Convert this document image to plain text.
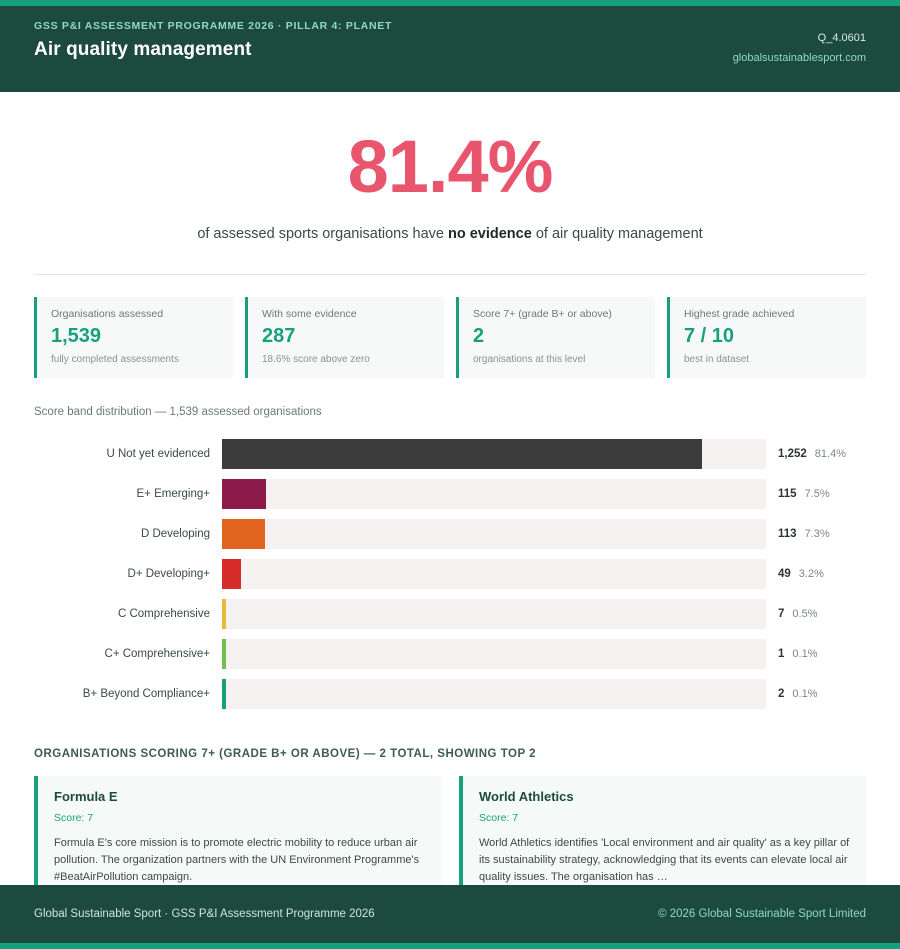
GSS P&I ASSESSMENT PROGRAMME 2026 · PILLAR 4: PLANET
Air quality management
Q_4.0601
globalsustainablesport.com
81.4%
of assessed sports organisations have no evidence of air quality management
Organisations assessed
1,539
fully completed assessments
With some evidence
287
18.6% score above zero
Score 7+ (grade B+ or above)
2
organisations at this level
Highest grade achieved
7 / 10
best in dataset
Score band distribution — 1,539 assessed organisations
U Not yet evidenced	1,252 81.4%
E+ Emerging+	115 7.5%
D Developing	113 7.3%
D+ Developing+	49 3.2%
C Comprehensive	7 0.5%
C+ Comprehensive+	1 0.1%
B+ Beyond Compliance+	2 0.1%
ORGANISATIONS SCORING 7+ (GRADE B+ OR ABOVE) — 2 TOTAL, SHOWING TOP 2
Formula E
Score: 7
Formula E's core mission is to promote electric mobility to reduce urban air pollution. The organization partners with the UN Environment Programme's #BeatAirPollution campaign.
World Athletics
Score: 7
World Athletics identifies 'Local environment and air quality' as a key pillar of its sustainability strategy, acknowledging that its events can elevate local air quality issues. The organisation has …
Global Sustainable Sport · GSS P&I Assessment Programme 2026	© 2026 Global Sustainable Sport Limited
